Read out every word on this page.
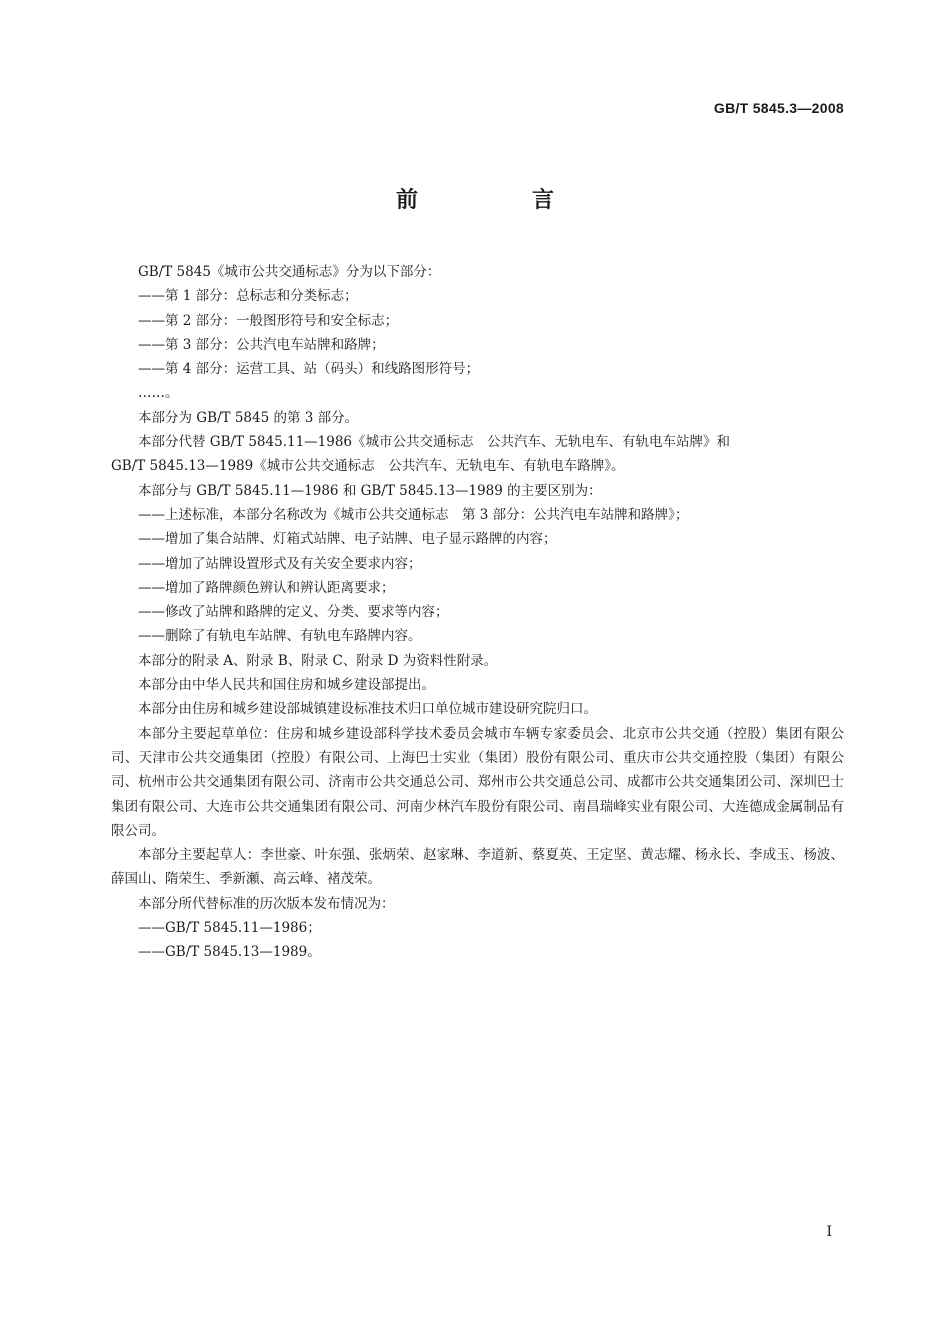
GB/T 5845.3—2008
前　言

GB/T 5845《城市公共交通标志》分为以下部分：

——第 1 部分：总标志和分类标志；

——第 2 部分：一般图形符号和安全标志；

——第 3 部分：公共汽电车站牌和路牌；

——第 4 部分：运营工具、站（码头）和线路图形符号；

……。

本部分为 GB/T 5845 的第 3 部分。

本部分代替 GB/T 5845.11—1986《城市公共交通标志　公共汽车、无轨电车、有轨电车站牌》和

GB/T 5845.13—1989《城市公共交通标志　公共汽车、无轨电车、有轨电车路牌》。

本部分与 GB/T 5845.11—1986 和 GB/T 5845.13—1989 的主要区别为：

——上述标准，本部分名称改为《城市公共交通标志　第 3 部分：公共汽电车站牌和路牌》；

——增加了集合站牌、灯箱式站牌、电子站牌、电子显示路牌的内容；

——增加了站牌设置形式及有关安全要求内容；

——增加了路牌颜色辨认和辨认距离要求；

——修改了站牌和路牌的定义、分类、要求等内容；

——删除了有轨电车站牌、有轨电车路牌内容。

本部分的附录 A、附录 B、附录 C、附录 D 为资料性附录。

本部分由中华人民共和国住房和城乡建设部提出。

本部分由住房和城乡建设部城镇建设标准技术归口单位城市建设研究院归口。

本部分主要起草单位：住房和城乡建设部科学技术委员会城市车辆专家委员会、北京市公共交通（控股）集团有限公司、天津市公共交通集团（控股）有限公司、上海巴士实业（集团）股份有限公司、重庆市公共交通控股（集团）有限公司、杭州市公共交通集团有限公司、济南市公共交通总公司、郑州市公共交通总公司、成都市公共交通集团公司、深圳巴士集团有限公司、大连市公共交通集团有限公司、河南少林汽车股份有限公司、南昌瑞峰实业有限公司、大连德成金属制品有限公司。

本部分主要起草人：李世豪、叶东强、张炳荣、赵家琳、李道新、蔡夏英、王定坚、黄志耀、杨永长、李成玉、杨波、薛国山、隋荣生、季新瀬、高云峰、褚茂荣。

本部分所代替标准的历次版本发布情况为：

——GB/T 5845.11—1986；

——GB/T 5845.13—1989。

I
